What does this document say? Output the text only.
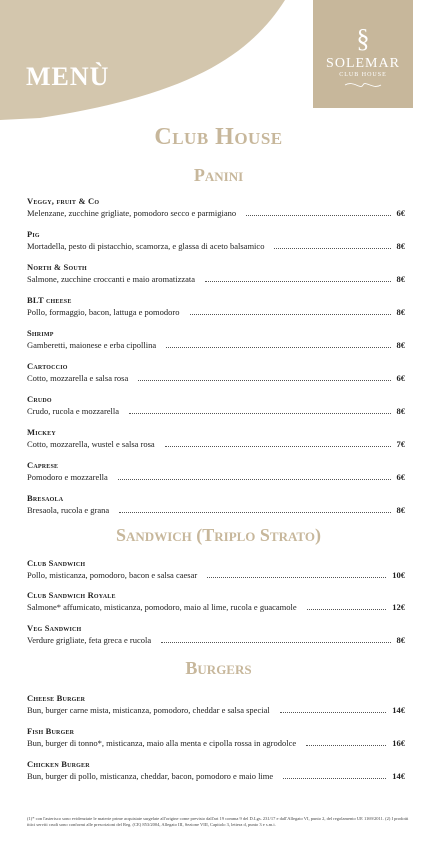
MENÙ
§
SOLEMAR
CLUB HOUSE
Club House
Panini
Veggy, fruit & Co
Melenzane, zucchine grigliate, pomodoro secco e parmigiano	6€
Pig
Mortadella, pesto di pistacchio, scamorza, e glassa di aceto balsamico	8€
North & South
Salmone, zucchine croccanti e maio aromatizzata	8€
BLT cheese
Pollo, formaggio, bacon, lattuga e pomodoro	8€
Shrimp
Gamberetti, maionese e erba cipollina	8€
Cartoccio
Cotto, mozzarella e salsa rosa	6€
Crudo
Crudo, rucola e mozzarella	8€
Mickey
Cotto, mozzarella, wustel e salsa rosa	7€
Caprese
Pomodoro e mozzarella	6€
Bresaola
Bresaola, rucola e grana	8€
Sandwich (Triplo Strato)
Club Sandwich
Pollo, misticanza, pomodoro, bacon e salsa caesar	10€
Club Sandwich Royale
Salmone* affumicato, misticanza, pomodoro, maio al lime, rucola e guacamole	12€
Veg Sandwich
Verdure grigliate, feta greca e rucola	8€
Burgers
Cheese Burger
Bun, burger carne mista, misticanza, pomodoro, cheddar e salsa special	14€
Fish Burger
Bun, burger di tonno*, misticanza, maio alla menta e cipolla rossa in agrodolce	16€
Chicken Burger
Bun, burger di pollo, misticanza, cheddar, bacon, pomodoro e maio lime	14€
(1)* con l'asterisco sono evidenziate le materie prime acquistate surgelate all'origine come previsto dall'art 19 comma 9 del D.Lgs. 231/17 e dall'Allegato VI, punto 2, del regolamento UE 1169/2011. (2) I prodotti ittici serviti crudi sono conformi alle prescrizioni del Reg. (CE) 853/2004, Allegato III, Sezione VIII, Capitolo 3, lettera d, punto 3 e s.m.i.
